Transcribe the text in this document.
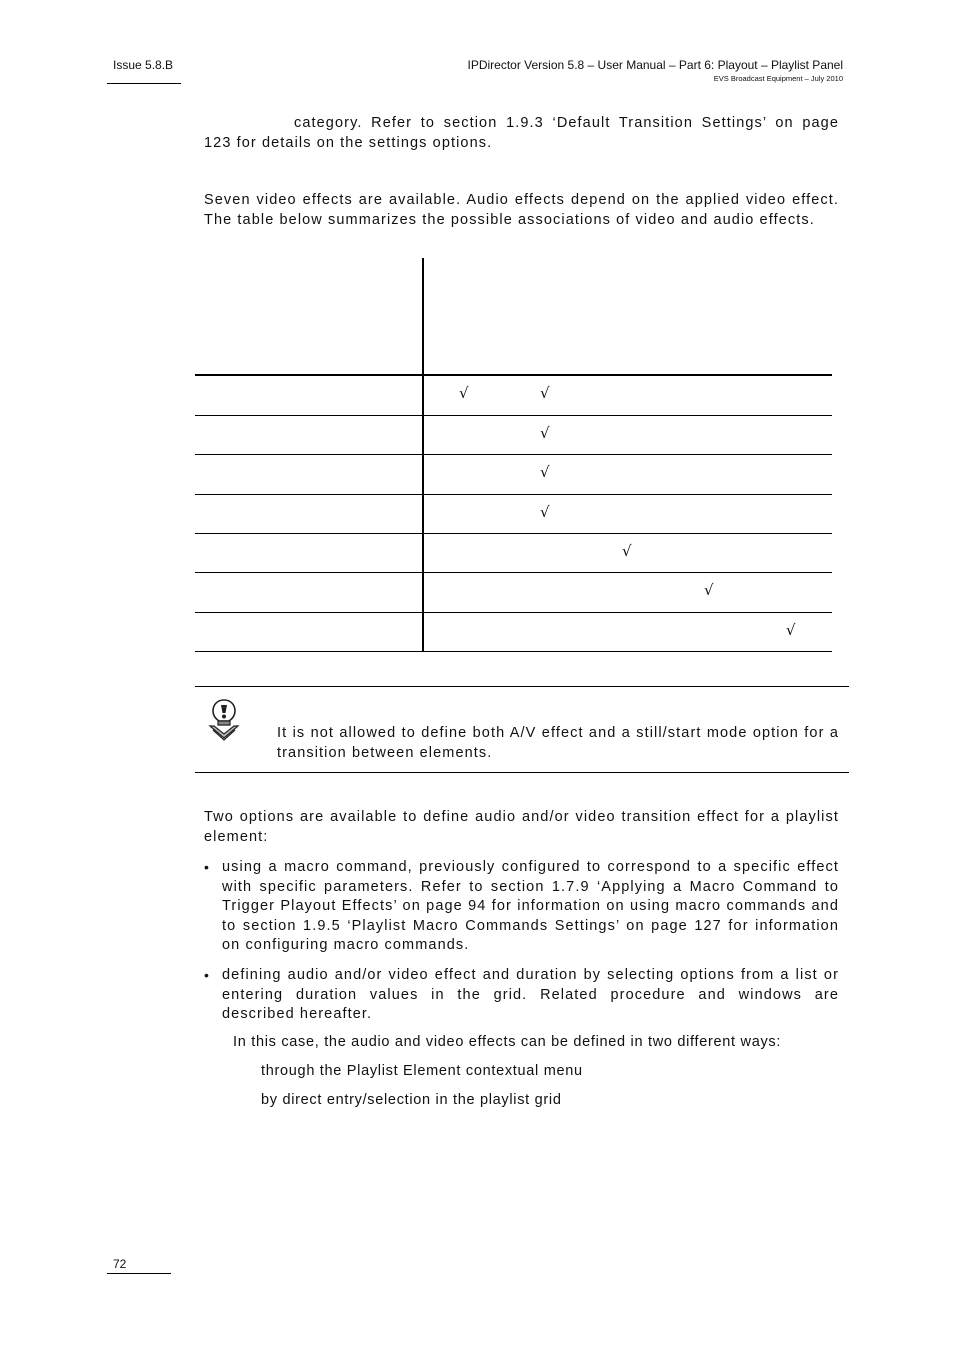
Issue 5.8.B	IPDirector Version 5.8 – User Manual – Part 6: Playout – Playlist Panel
EVS Broadcast Equipment – July 2010
category. Refer to section 1.9.3 ‘Default Transition Settings’ on page 123 for details on the settings options.
Seven video effects are available. Audio effects depend on the applied video effect. The table below summarizes the possible associations of video and audio effects.
√	√
√
√
√
√
√
√
It is not allowed to define both A/V effect and a still/start mode option for a transition between elements.
Two options are available to define audio and/or video transition effect for a playlist element:
• using a macro command, previously configured to correspond to a specific effect with specific parameters. Refer to section 1.7.9 ‘Applying a Macro Command to Trigger Playout Effects’ on page 94 for information on using macro commands and to section 1.9.5 ‘Playlist Macro Commands Settings’ on page 127 for information on configuring macro commands.
• defining audio and/or video effect and duration by selecting options from a list or entering duration values in the grid. Related procedure and windows are described hereafter.
In this case, the audio and video effects can be defined in two different ways:
through the Playlist Element contextual menu
by direct entry/selection in the playlist grid
72
